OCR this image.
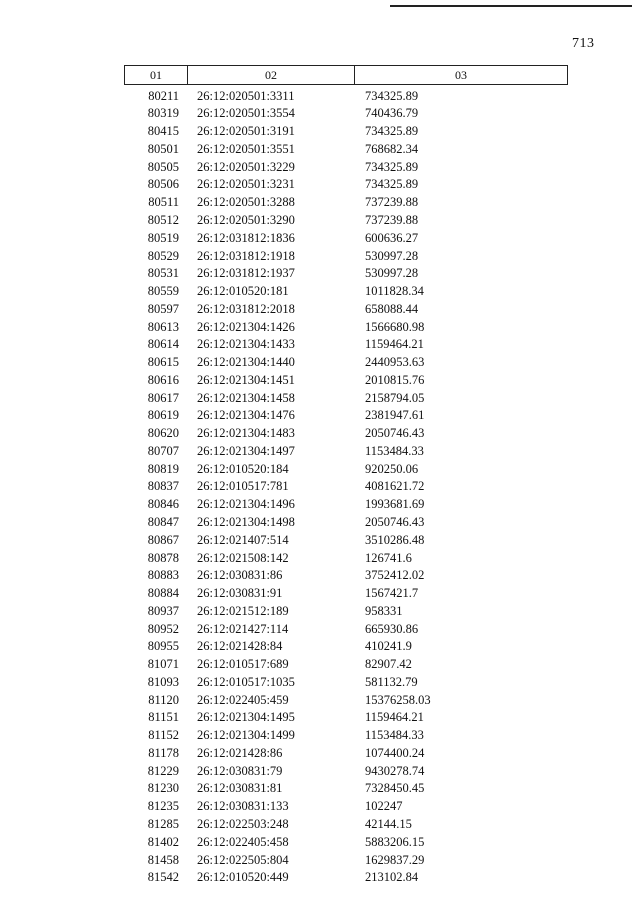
713
01	02	03
80211	26:12:020501:3311	734325.89
80319	26:12:020501:3554	740436.79
80415	26:12:020501:3191	734325.89
80501	26:12:020501:3551	768682.34
80505	26:12:020501:3229	734325.89
80506	26:12:020501:3231	734325.89
80511	26:12:020501:3288	737239.88
80512	26:12:020501:3290	737239.88
80519	26:12:031812:1836	600636.27
80529	26:12:031812:1918	530997.28
80531	26:12:031812:1937	530997.28
80559	26:12:010520:181	1011828.34
80597	26:12:031812:2018	658088.44
80613	26:12:021304:1426	1566680.98
80614	26:12:021304:1433	1159464.21
80615	26:12:021304:1440	2440953.63
80616	26:12:021304:1451	2010815.76
80617	26:12:021304:1458	2158794.05
80619	26:12:021304:1476	2381947.61
80620	26:12:021304:1483	2050746.43
80707	26:12:021304:1497	1153484.33
80819	26:12:010520:184	920250.06
80837	26:12:010517:781	4081621.72
80846	26:12:021304:1496	1993681.69
80847	26:12:021304:1498	2050746.43
80867	26:12:021407:514	3510286.48
80878	26:12:021508:142	126741.6
80883	26:12:030831:86	3752412.02
80884	26:12:030831:91	1567421.7
80937	26:12:021512:189	958331
80952	26:12:021427:114	665930.86
80955	26:12:021428:84	410241.9
81071	26:12:010517:689	82907.42
81093	26:12:010517:1035	581132.79
81120	26:12:022405:459	15376258.03
81151	26:12:021304:1495	1159464.21
81152	26:12:021304:1499	1153484.33
81178	26:12:021428:86	1074400.24
81229	26:12:030831:79	9430278.74
81230	26:12:030831:81	7328450.45
81235	26:12:030831:133	102247
81285	26:12:022503:248	42144.15
81402	26:12:022405:458	5883206.15
81458	26:12:022505:804	1629837.29
81542	26:12:010520:449	213102.84
